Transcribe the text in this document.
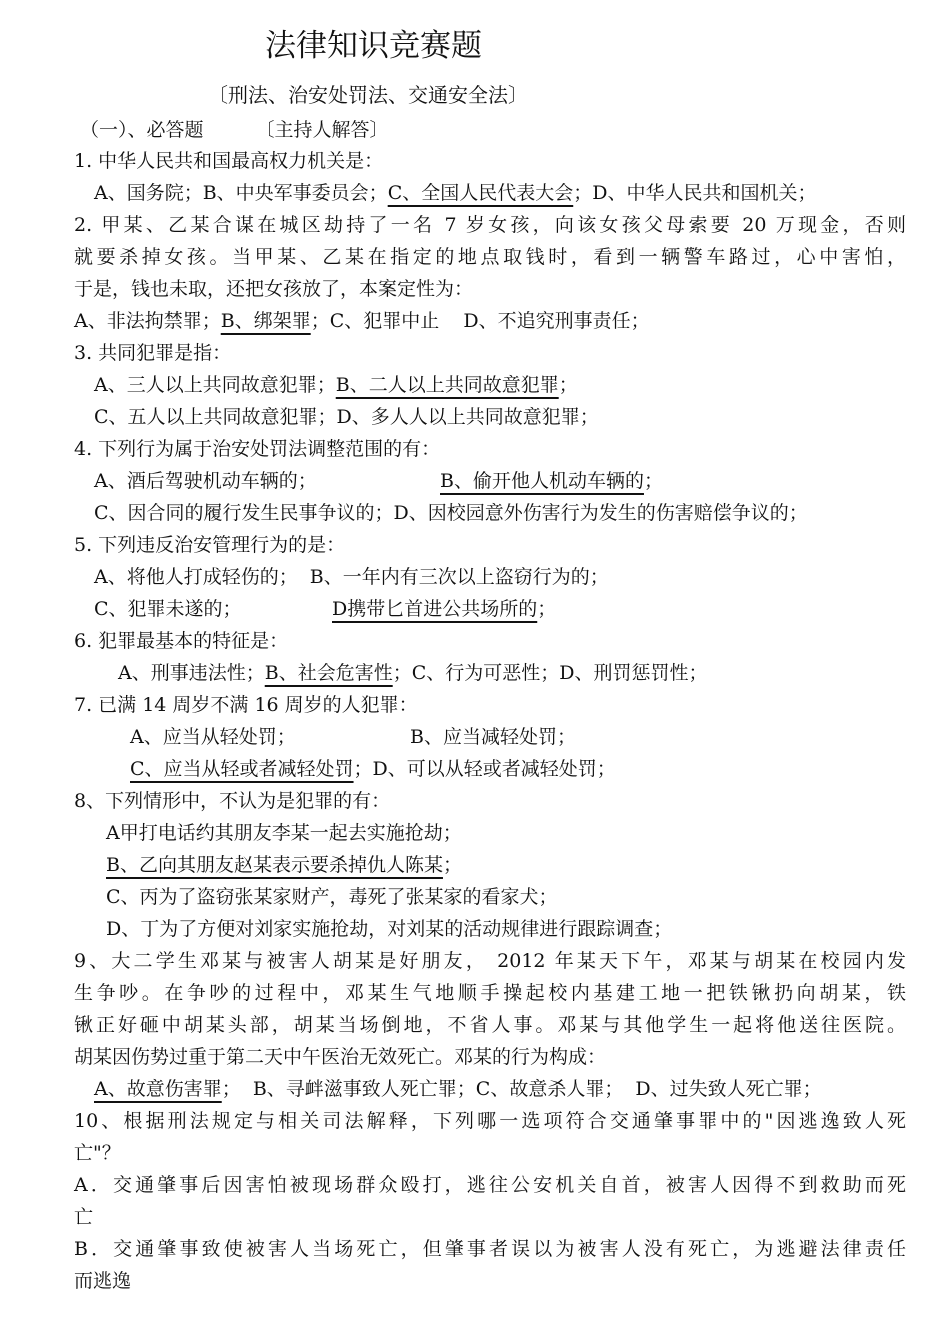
法律知识竞赛题
〔刑法、治安处罚法、交通安全法〕
（一）、必答题	〔主持人解答〕
1. 中华人民共和国最高权力机关是：
A、国务院；B、中央军事委员会；C、全国人民代表大会；D、中华人民共和国机关；
2. 甲某、乙某合谋在城区劫持了一名 7 岁女孩，向该女孩父母索要 20 万现金，否则
就要杀掉女孩。当甲某、乙某在指定的地点取钱时，看到一辆警车路过，心中害怕，
于是，钱也未取，还把女孩放了，本案定性为：
A、非法拘禁罪；B、绑架罪；C、犯罪中止    D、不追究刑事责任；
3. 共同犯罪是指：
A、三人以上共同故意犯罪；B、二人以上共同故意犯罪；
C、五人以上共同故意犯罪；D、多人人以上共同故意犯罪；
4. 下列行为属于治安处罚法调整范围的有：
A、酒后驾驶机动车辆的；	B、偷开他人机动车辆的；
C、因合同的履行发生民事争议的；D、因校园意外伤害行为发生的伤害赔偿争议的；
5. 下列违反治安管理行为的是：
A、将他人打成轻伤的；  B、一年内有三次以上盗窃行为的；
C、犯罪未遂的；	D携带匕首进公共场所的；
6. 犯罪最基本的特征是：
A、刑事违法性；B、社会危害性；C、行为可恶性；D、刑罚惩罚性；
7. 已满 14 周岁不满 16 周岁的人犯罪：
A、应当从轻处罚；	B、应当减轻处罚；
C、应当从轻或者减轻处罚；D、可以从轻或者减轻处罚；
8、下列情形中，不认为是犯罪的有：
A甲打电话约其朋友李某一起去实施抢劫；
B、乙向其朋友赵某表示要杀掉仇人陈某；
C、丙为了盗窃张某家财产，毒死了张某家的看家犬；
D、丁为了方便对刘家实施抢劫，对刘某的活动规律进行跟踪调查；
9、大二学生邓某与被害人胡某是好朋友， 2012 年某天下午，邓某与胡某在校园内发
生争吵。在争吵的过程中，邓某生气地顺手操起校内基建工地一把铁锹扔向胡某，铁
锹正好砸中胡某头部，胡某当场倒地，不省人事。邓某与其他学生一起将他送往医院。
胡某因伤势过重于第二天中午医治无效死亡。邓某的行为构成：
A、故意伤害罪；  B、寻衅滋事致人死亡罪；C、故意杀人罪；  D、过失致人死亡罪；
10、根据刑法规定与相关司法解释，下列哪一选项符合交通肇事罪中的"因逃逸致人死
亡"？
A．交通肇事后因害怕被现场群众殴打，逃往公安机关自首，被害人因得不到救助而死
亡
B．交通肇事致使被害人当场死亡，但肇事者误以为被害人没有死亡，为逃避法律责任
而逃逸
